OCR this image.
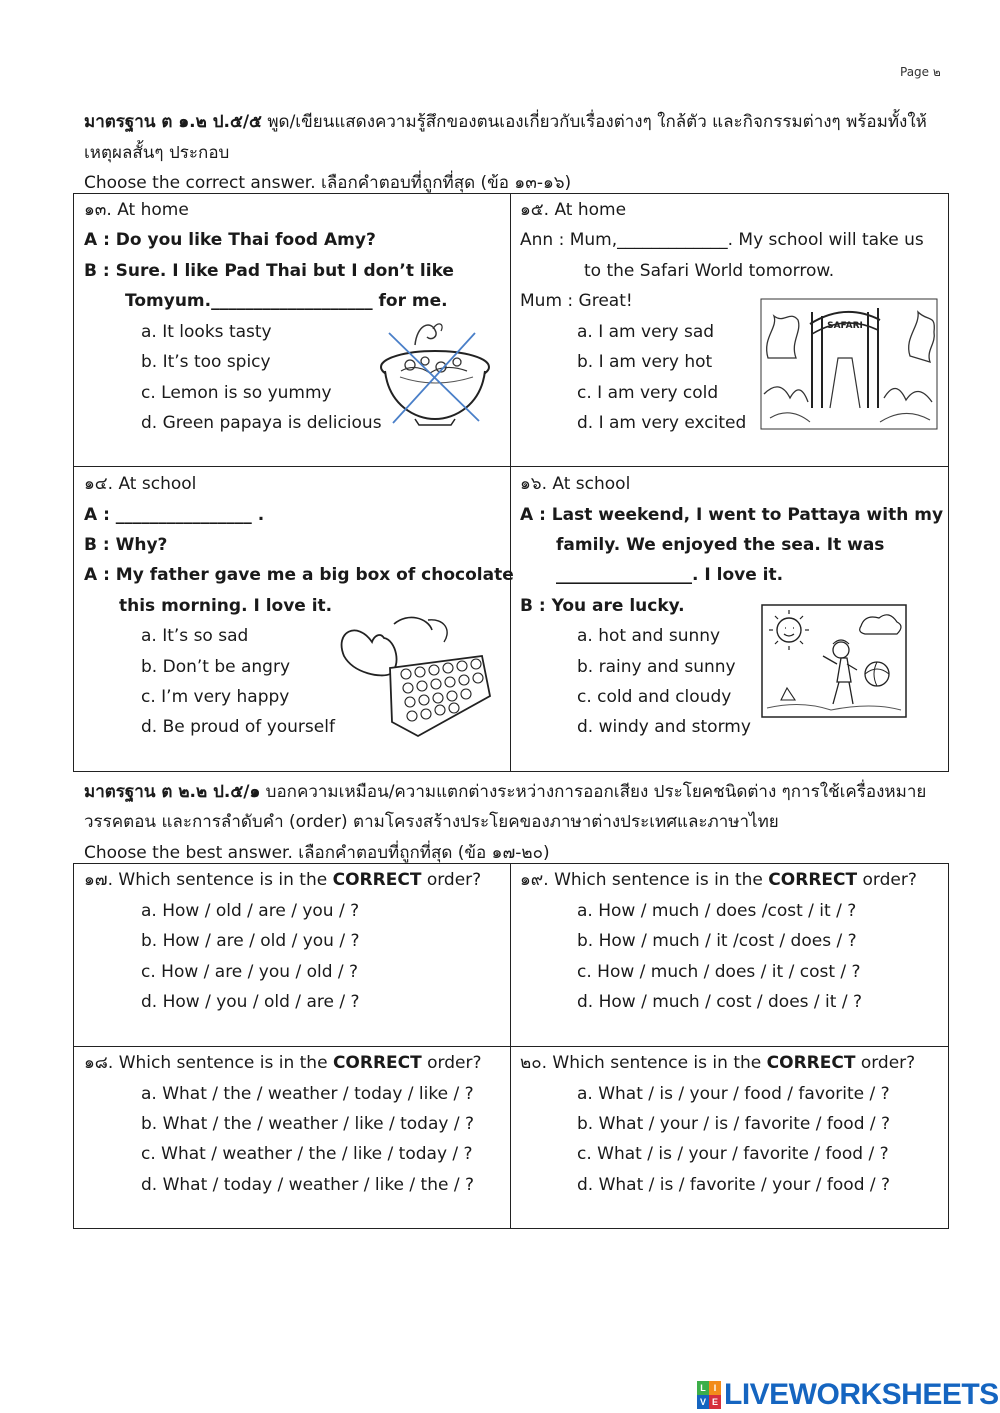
Page ๒
มาตรฐาน ต ๑.๒ ป.๕/๕ พูด/เขียนแสดงความรู้สึกของตนเองเกี่ยวกับเรื่องต่างๆ ใกล้ตัว และกิจกรรมต่างๆ พร้อมทั้งให้
เหตุผลสั้นๆ ประกอบ
Choose the correct answer. เลือกคำตอบที่ถูกที่สุด (ข้อ ๑๓-๑๖)
๑๓. At home
A : Do you like Thai food Amy?
B : Sure. I like Pad Thai but I don’t like
Tomyum.___________________ for me.
a. It looks tasty
b. It’s too spicy
c. Lemon is so yummy
d. Green papaya is delicious
๑๕. At home
Ann : Mum,_____________. My school will take us
to the Safari World tomorrow.
Mum : Great!
a. I am very sad
b. I am very hot
c. I am very cold
d. I am very excited
SAFARI
๑๔. At school
A : ________________ .
B : Why?
A : My father gave me a big box of chocolate
this morning. I love it.
a. It’s so sad
b. Don’t be angry
c. I’m very happy
d. Be proud of yourself
๑๖. At school
A : Last weekend, I went to Pattaya with my
family. We enjoyed the sea. It was
________________. I love it.
B : You are lucky.
a. hot and sunny
b. rainy and sunny
c. cold and cloudy
d. windy and stormy
มาตรฐาน ต ๒.๒ ป.๕/๑ บอกความเหมือน/ความแตกต่างระหว่างการออกเสียง ประโยคชนิดต่าง ๆการใช้เครื่องหมาย
วรรคตอน และการลำดับคำ (order) ตามโครงสร้างประโยคของภาษาต่างประเทศและภาษาไทย
Choose the best answer. เลือกคำตอบที่ถูกที่สุด (ข้อ ๑๗-๒๐)
๑๗. Which sentence is in the CORRECT order?
a. How / old / are / you / ?
b. How / are / old / you / ?
c. How / are / you / old / ?
d. How / you / old / are / ?
๑๙. Which sentence is in the CORRECT order?
a. How / much / does /cost / it / ?
b. How / much / it /cost / does / ?
c. How / much / does / it / cost / ?
d. How / much / cost / does / it / ?
๑๘. Which sentence is in the CORRECT order?
a. What / the / weather / today / like / ?
b. What / the / weather / like / today / ?
c. What / weather / the / like / today / ?
d. What / today / weather / like / the / ?
๒๐. Which sentence is in the CORRECT order?
a. What / is / your / food / favorite / ?
b. What / your / is / favorite / food / ?
c. What / is / your / favorite / food / ?
d. What / is / favorite / your / food / ?
L I
V E LIVEWORKSHEETS
